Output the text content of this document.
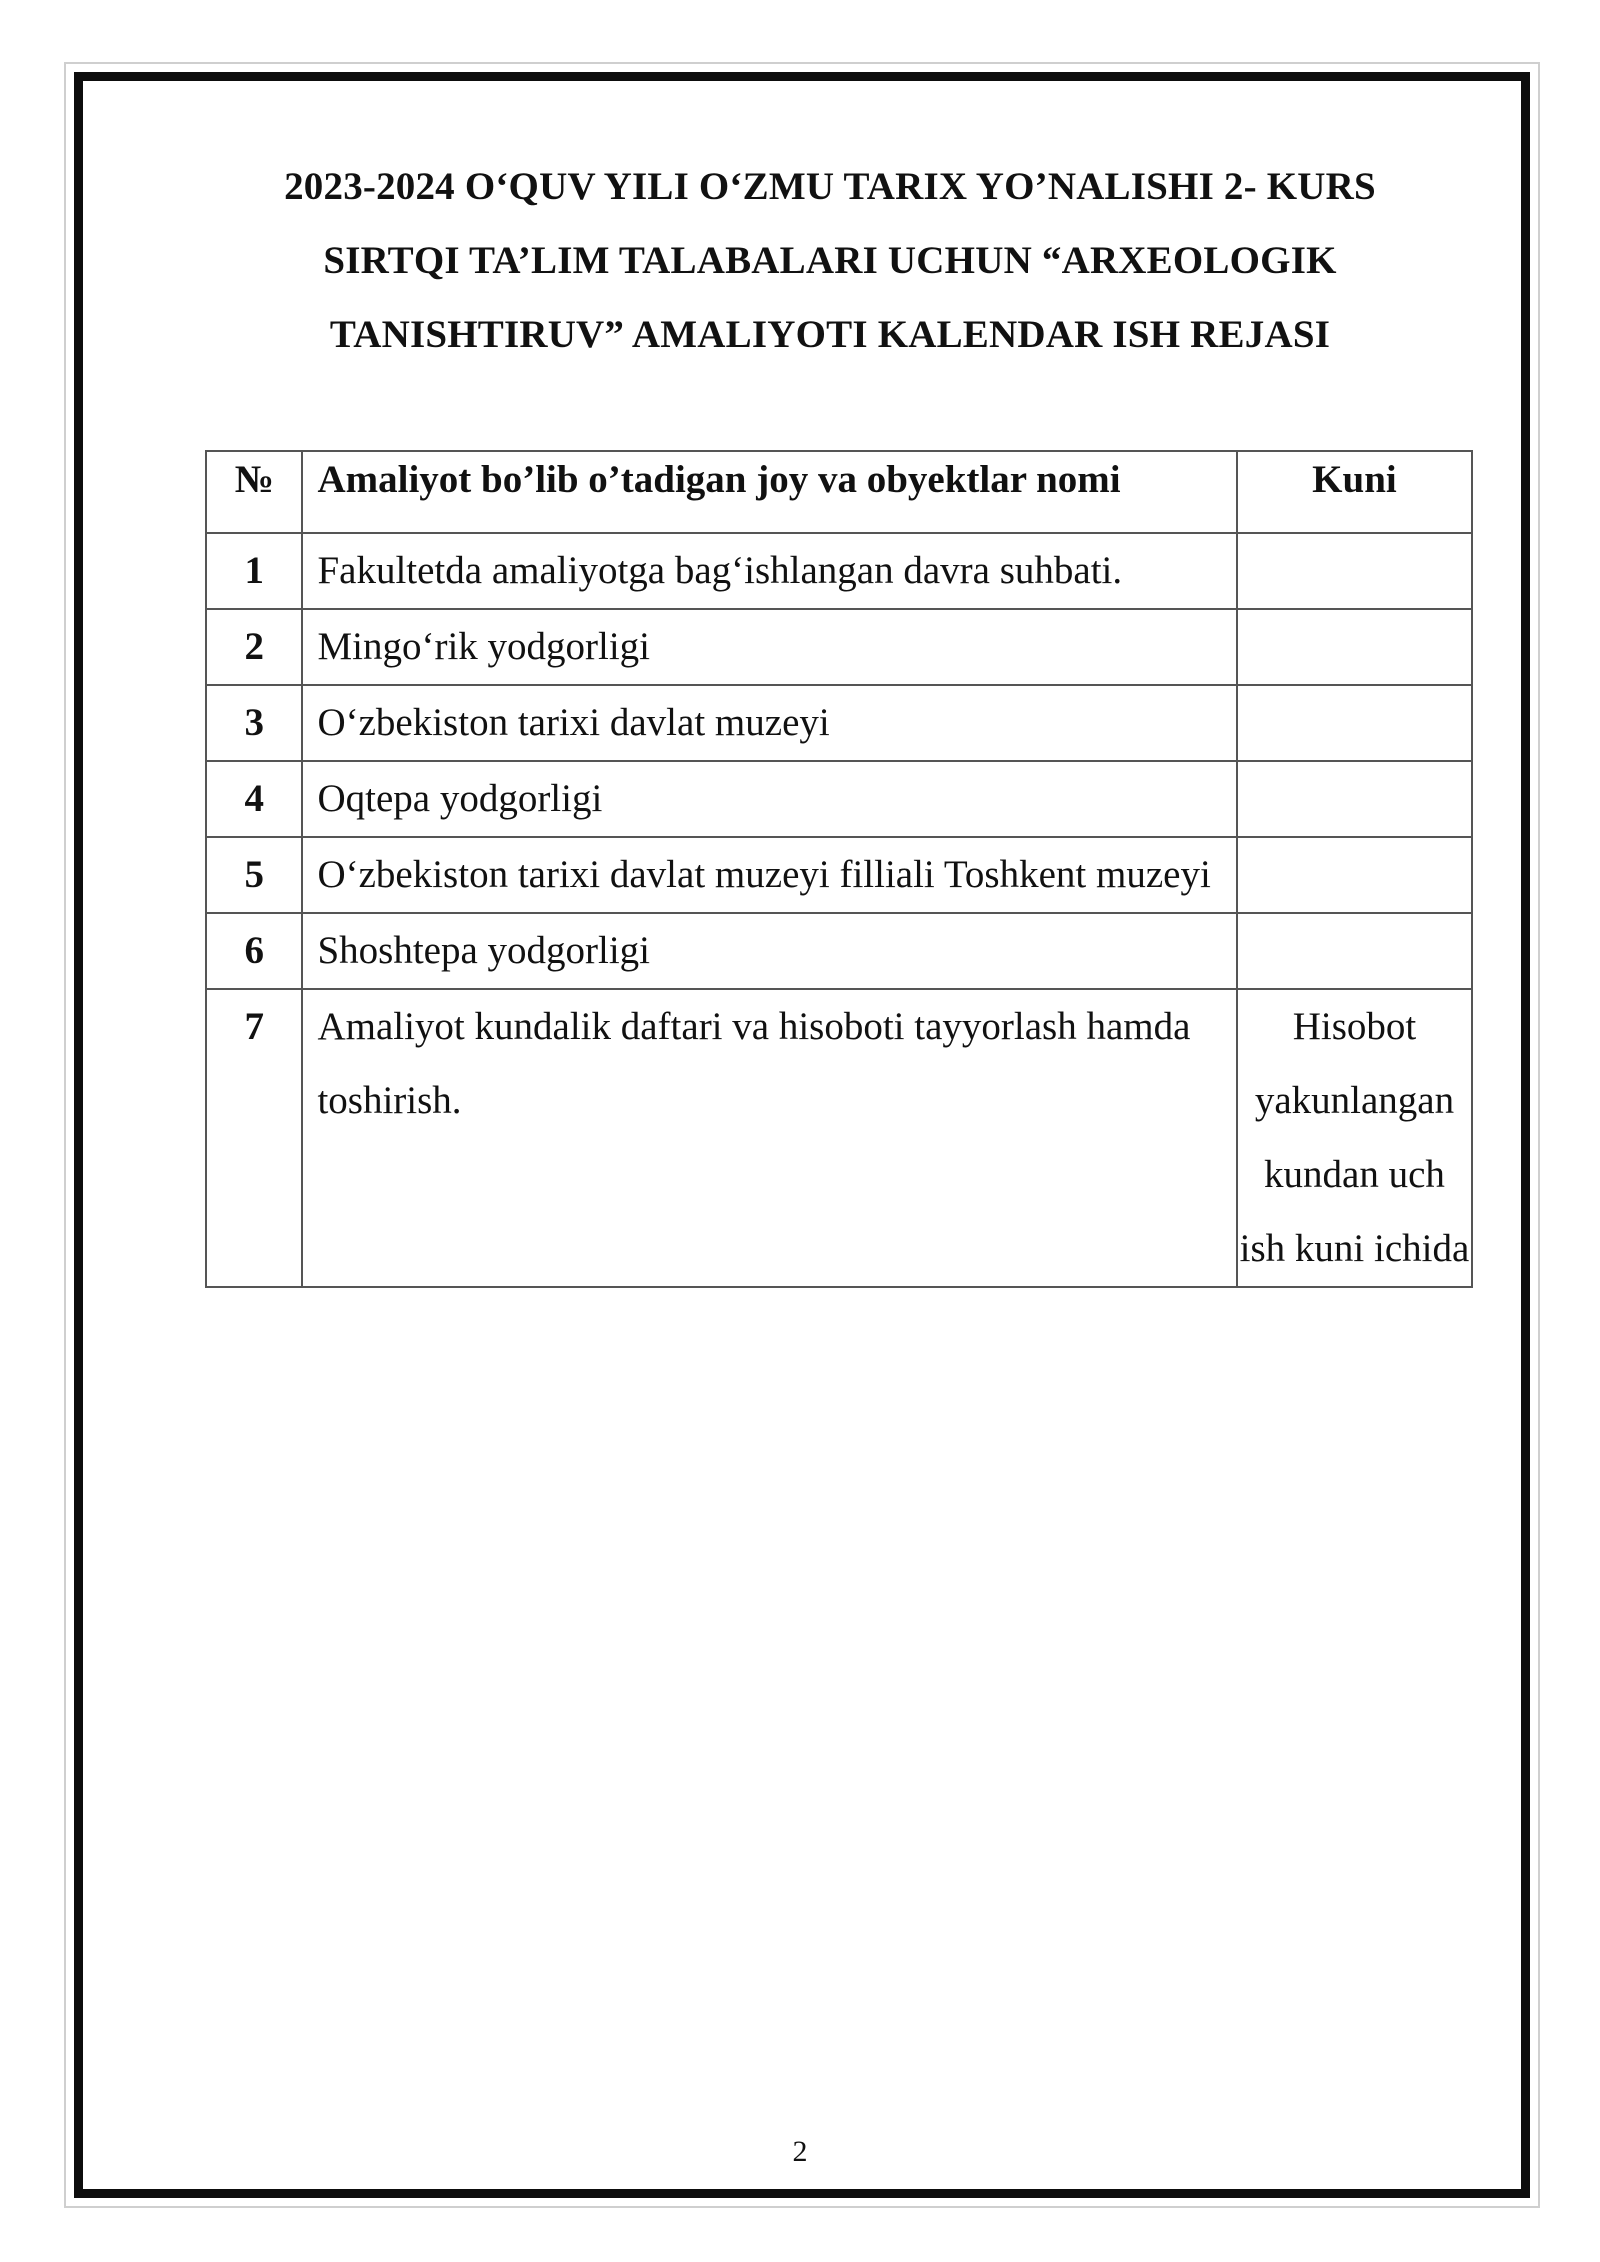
2023-2024 O‘QUV YILI O‘ZMU TARIX YO’NALISHI 2- KURS
SIRTQI TA’LIM TALABALARI UCHUN “ARXEOLOGIK
TANISHTIRUV” AMALIYOTI KALENDAR ISH REJASI
№	Amaliyot bo’lib o’tadigan joy va obyektlar nomi	Kuni
1	Fakultetda amaliyotga bag‘ishlangan davra suhbati.	
2	Mingo‘rik yodgorligi	
3	O‘zbekiston tarixi davlat muzeyi	
4	Oqtepa yodgorligi	
5	O‘zbekiston tarixi davlat muzeyi filliali Toshkent muzeyi	
6	Shoshtepa yodgorligi	
7	Amaliyot kundalik daftari va hisoboti tayyorlash hamda toshirish.	Hisobot yakunlangan kundan uch ish kuni ichida
2
